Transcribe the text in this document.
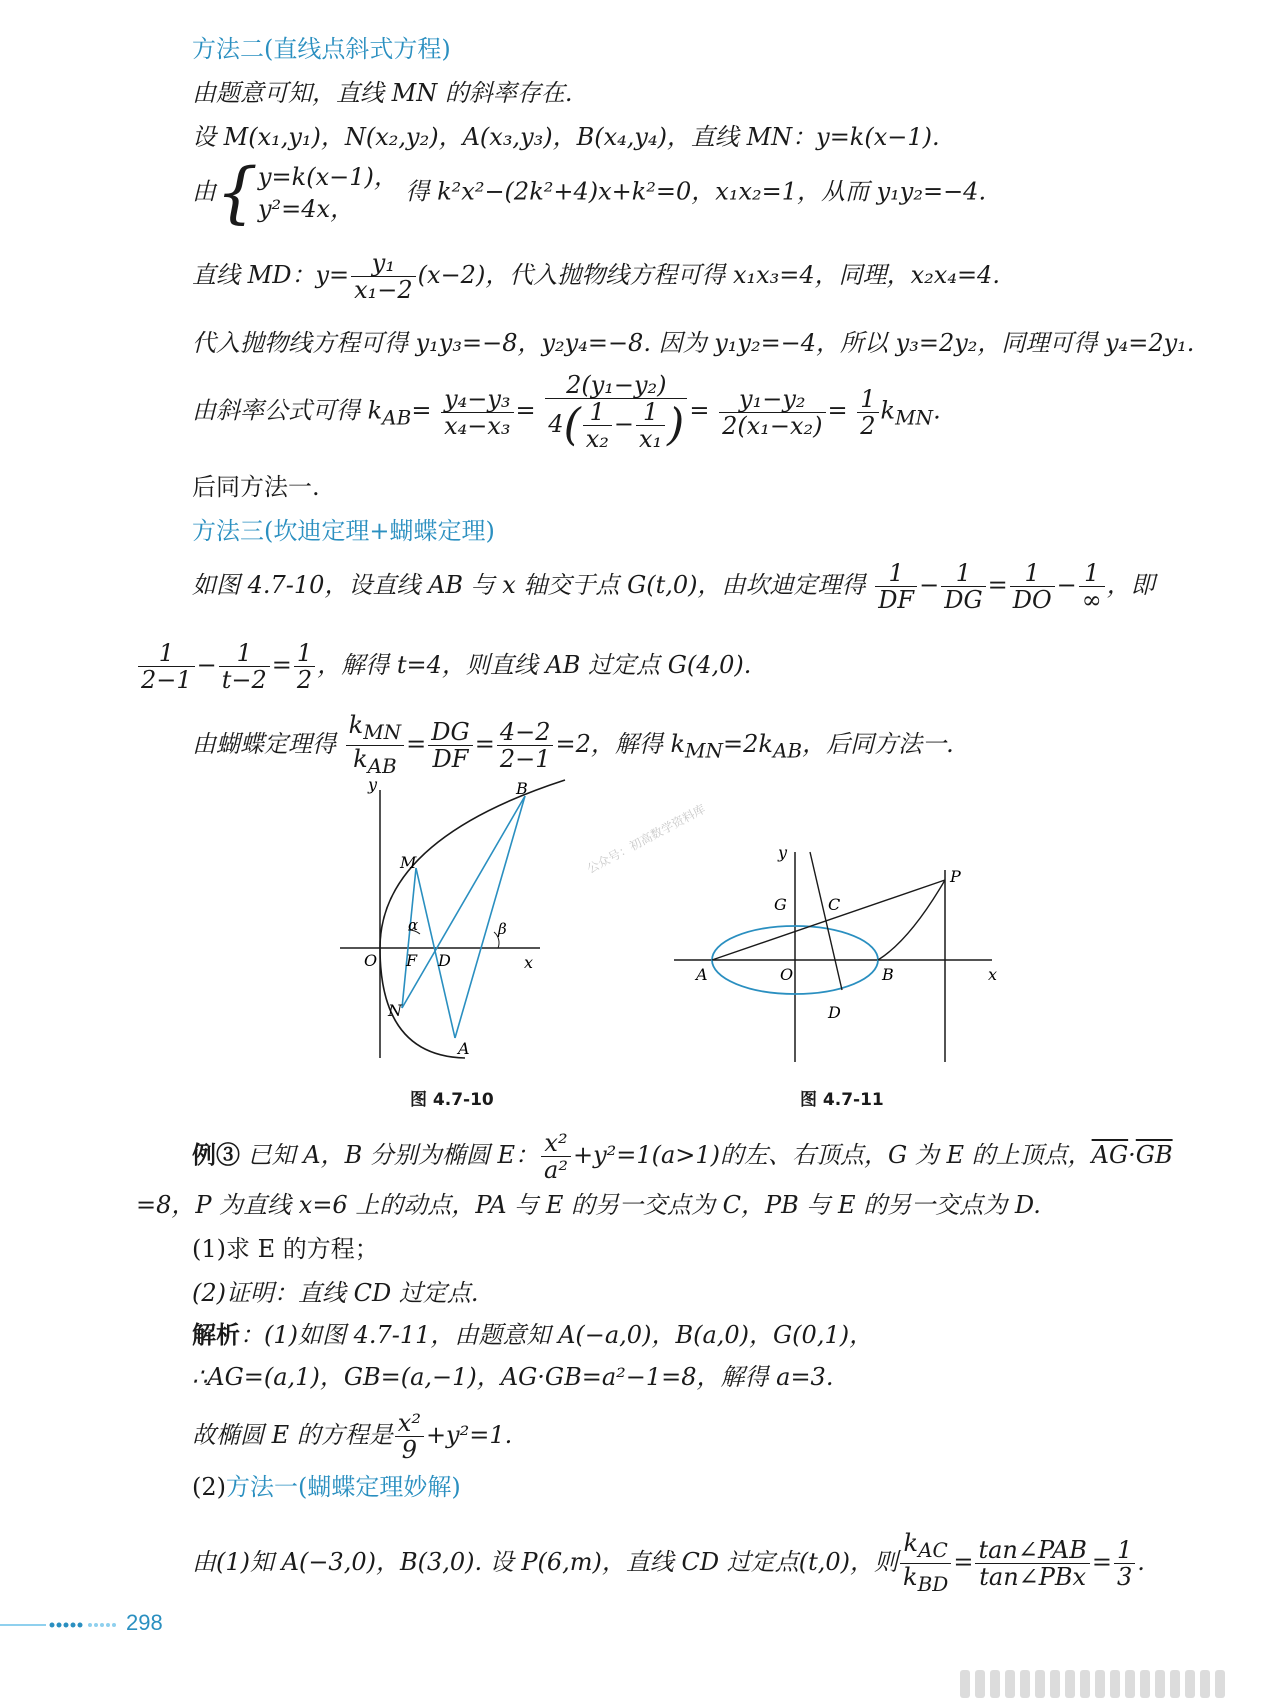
方法二(直线点斜式方程)
由题意可知，直线 MN 的斜率存在.
设 M(x₁,y₁)，N(x₂,y₂)，A(x₃,y₃)，B(x₄,y₄)，直线 MN：y=k(x−1).
由{ y=k(x−1)，
y²=4x，
得 k²x²−(2k²+4)x+k²=0，x₁x₂=1，从而 y₁y₂=−4.
直线 MD：$y= \frac{\text{y₁}}{\text{x₁−2}} (x-2)$，代入抛物线方程可得 x₁x₃=4，同理，x₂x₄=4.
代入抛物线方程可得 y₁y₃=−8，y₂y₄=−8. 因为 y₁y₂=−4，所以 y₃=2y₂，同理可得 y₄=2y₁.
由斜率公式可得 $k_{AB}= \frac{\text{y₄−y₃}}{\text{x₄−x₃}} = \frac{\text{2(y₁−y₂)}}{4( \frac{1}{\text{x₂}} - \frac{1}{\text{x₁}} )} = \frac{\text{y₁−y₂}}{\text{2(x₁−x₂)}} = \frac{1}{2} k_{MN}$.
后同方法一.
方法三(坎迪定理+蝴蝶定理)
如图 4.7-10，设直线 AB 与 x 轴交于点 G(t,0)，由坎迪定理得 $\frac{1}{DF} - \frac{1}{DG} = \frac{1}{DO} - \frac{1}{\infty}$ ，即
$\frac{1}{2-1} - \frac{1}{t-2} = \frac{1}{2}$ ，解得 t=4，则直线 AB 过定点 G(4,0).
由蝴蝶定理得 $\frac{k_{MN}}{k_{AB}} = \frac{DG}{DF} = \frac{4-2}{2-1} =2$，解得 $k_{MN}=2k_{AB}$，后同方法一.
y
x
O F D
M
N
A
B
α	β
图 4.7-10
公众号：初高数学资料库	y
x
O
A	B
G	C
D
P
图 4.7-11
例③ 已知 A，B 分别为椭圆 E： $\frac{\text{x²}}{\text{a²}} +y^2=1(a>1)$的左、右顶点，G 为 E 的上顶点，$\overline{AG}\cdot\overline{GB}$
=8，P 为直线 x=6 上的动点，PA 与 E 的另一交点为 C，PB 与 E 的另一交点为 D.
(1)求 E 的方程；
(2)证明：直线 CD 过定点.
解析：(1)如图 4.7-11，由题意知 A(−a,0)，B(a,0)，G(0,1)，
∴AG=(a,1)，GB=(a,−1)，AG·GB=a²−1=8，解得 a=3.
故椭圆 E 的方程是 $\frac{\text{x²}}{9} +y^2=1$.
(2)方法一(蝴蝶定理妙解)
由(1)知 A(−3,0)，B(3,0). 设 P(6,m)，直线 CD 过定点(t,0)，则 $\frac{k_{AC}}{k_{BD}} = \frac{\text{tan∠PAB}}{\text{tan∠PBx}} = \frac{1}{3}$ .
298
